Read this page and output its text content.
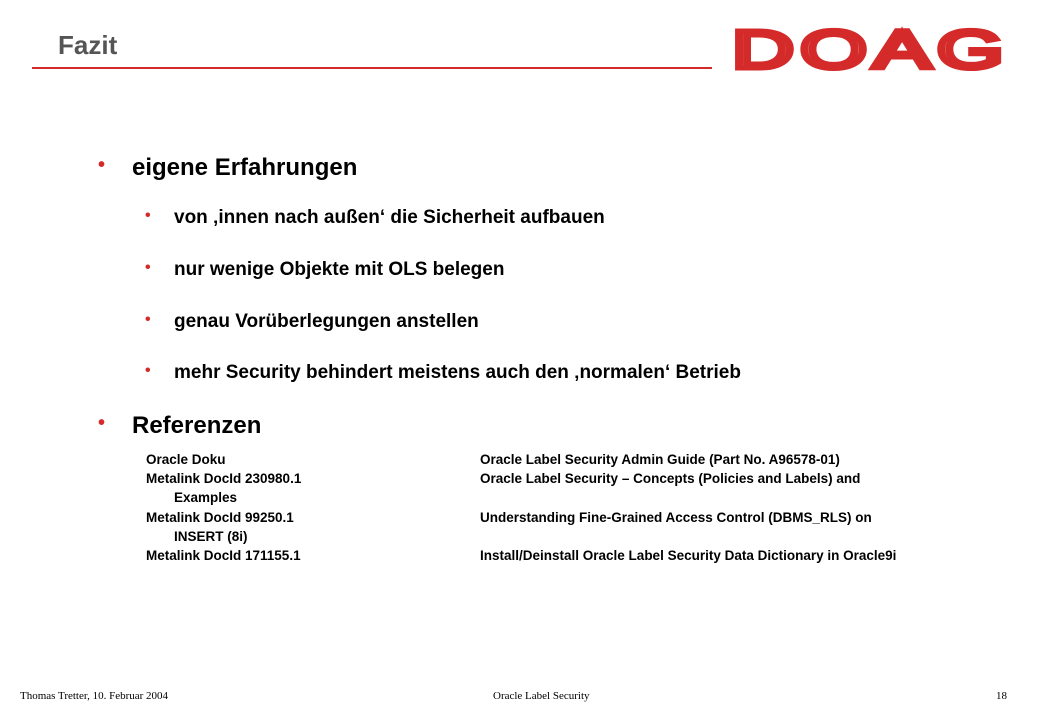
Fazit	DOAG
• eigene Erfahrungen
• von ‚innen nach außen‘ die Sicherheit aufbauen
• nur wenige Objekte mit OLS belegen
• genau Vorüberlegungen anstellen
• mehr Security behindert meistens auch den ‚normalen‘ Betrieb
• Referenzen
Oracle Doku	Oracle Label Security Admin Guide (Part No. A96578-01)
Metalink DocId 230980.1	Oracle Label Security – Concepts (Policies and Labels) and
Examples
Metalink DocId 99250.1	Understanding Fine-Grained Access Control (DBMS_RLS) on
INSERT (8i)
Metalink DocId 171155.1	Install/Deinstall Oracle Label Security Data Dictionary in Oracle9i
Thomas Tretter, 10. Februar 2004	Oracle Label Security	18
